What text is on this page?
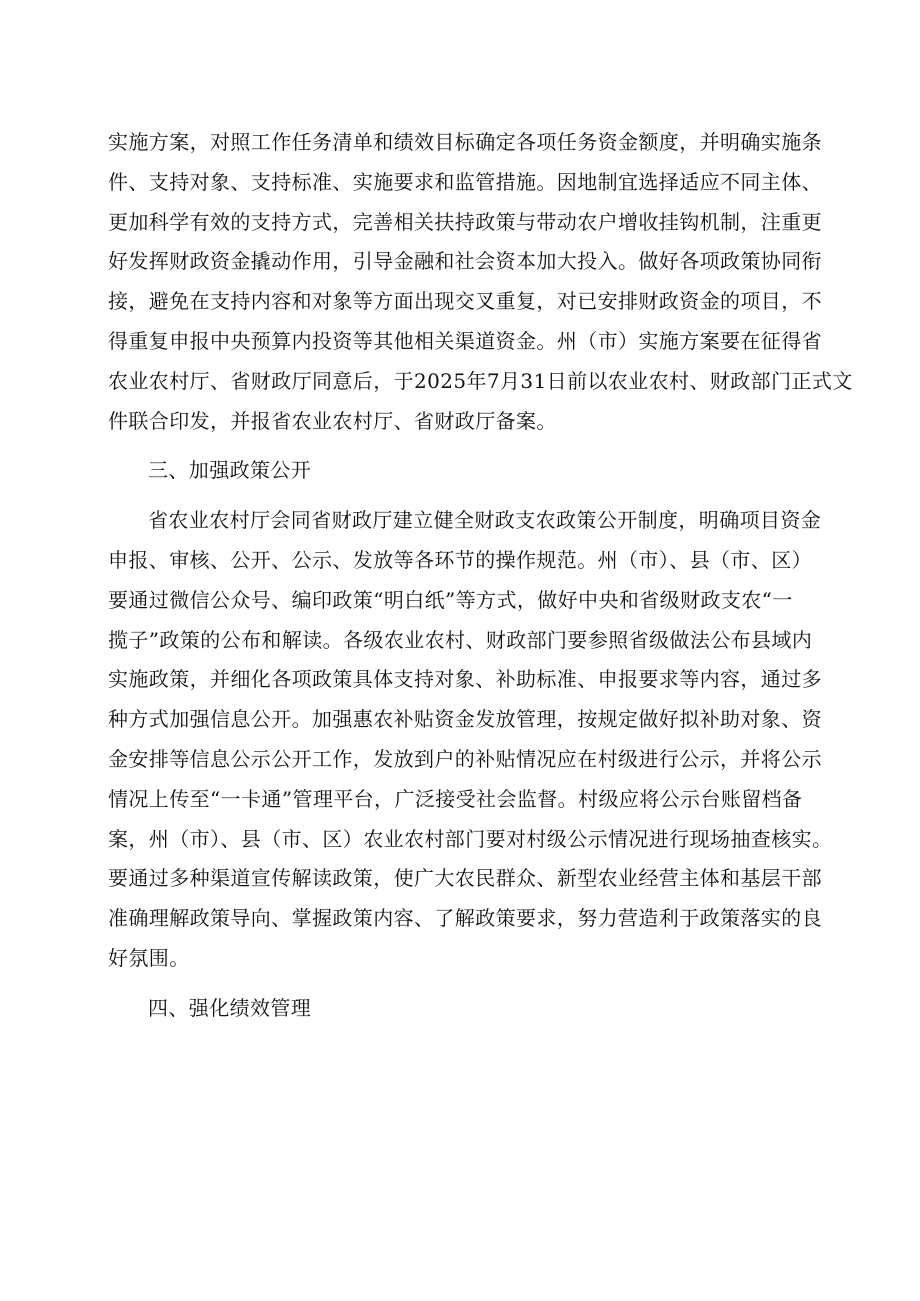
实施方案，对照工作任务清单和绩效目标确定各项任务资金额度，并明确实施条
件、支持对象、支持标准、实施要求和监管措施。因地制宜选择适应不同主体、
更加科学有效的支持方式，完善相关扶持政策与带动农户增收挂钩机制，注重更
好发挥财政资金撬动作用，引导金融和社会资本加大投入。做好各项政策协同衔
接，避免在支持内容和对象等方面出现交叉重复，对已安排财政资金的项目，不
得重复申报中央预算内投资等其他相关渠道资金。州（市）实施方案要在征得省
农业农村厅、省财政厅同意后，于2025年7月31日前以农业农村、财政部门正式文
件联合印发，并报省农业农村厅、省财政厅备案。
三、加强政策公开
省农业农村厅会同省财政厅建立健全财政支农政策公开制度，明确项目资金
申报、审核、公开、公示、发放等各环节的操作规范。州（市）、县（市、区）
要通过微信公众号、编印政策“明白纸”等方式，做好中央和省级财政支农“一
揽子”政策的公布和解读。各级农业农村、财政部门要参照省级做法公布县域内
实施政策，并细化各项政策具体支持对象、补助标准、申报要求等内容，通过多
种方式加强信息公开。加强惠农补贴资金发放管理，按规定做好拟补助对象、资
金安排等信息公示公开工作，发放到户的补贴情况应在村级进行公示，并将公示
情况上传至“一卡通”管理平台，广泛接受社会监督。村级应将公示台账留档备
案，州（市）、县（市、区）农业农村部门要对村级公示情况进行现场抽查核实。
要通过多种渠道宣传解读政策，使广大农民群众、新型农业经营主体和基层干部
准确理解政策导向、掌握政策内容、了解政策要求，努力营造利于政策落实的良
好氛围。
四、强化绩效管理
